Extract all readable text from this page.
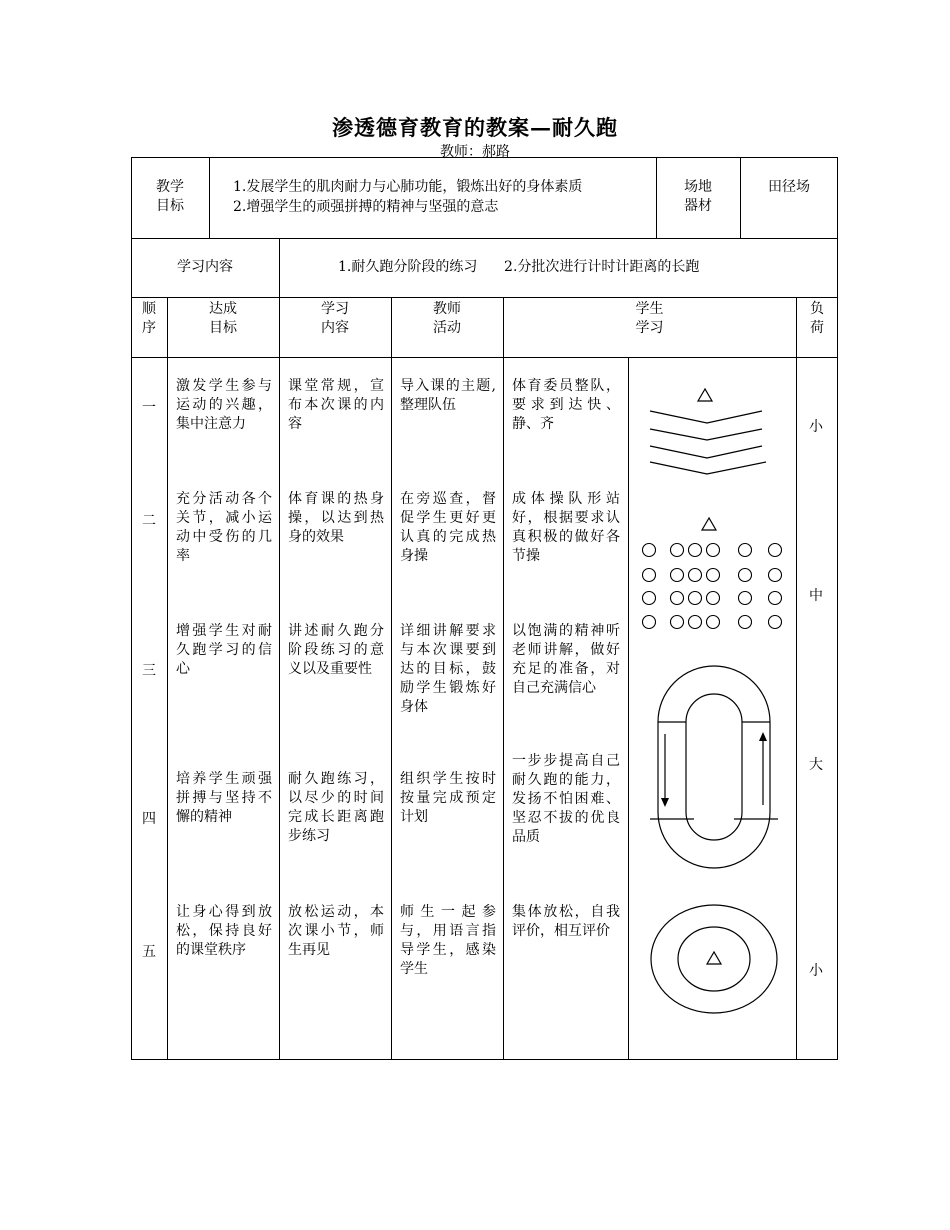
渗透德育教育的教案—耐久跑
教师：郝路
教学
目标
1.发展学生的肌肉耐力与心肺功能，锻炼出好的身体素质
2.增强学生的顽强拼搏的精神与坚强的意志
场地
器材
田径场
学习内容	1.耐久跑分阶段的练习      2.分批次进行计时计距离的长跑
顺
序
达成
目标
学习
内容
教师
活动
学生
学习
负
荷
一
二
三
四
五
激发学生参与运动的兴趣，集中注意力
课堂常规，宣布本次课的内容
导入课的主题,整理队伍
体育委员整队，要求到达快、静、齐
充分活动各个关节，减小运动中受伤的几率
体育课的热身操，以达到热身的效果
在旁巡查，督促学生更好更认真的完成热身操
成体操队形站好，根据要求认真积极的做好各节操
增强学生对耐久跑学习的信心
讲述耐久跑分阶段练习的意义以及重要性
详细讲解要求与本次课要到达的目标，鼓励学生锻炼好身体
以饱满的精神听老师讲解，做好充足的准备，对自己充满信心
培养学生顽强拼搏与坚持不懈的精神
耐久跑练习，以尽少的时间完成长距离跑步练习
组织学生按时按量完成预定计划
一步步提高自己耐久跑的能力，发扬不怕困难、坚忍不拔的优良品质
让身心得到放松，保持良好的课堂秩序
放松运动，本次课小节，师生再见
师生一起参与，用语言指导学生，感染学生
集体放松，自我评价，相互评价
小
中
大
小
